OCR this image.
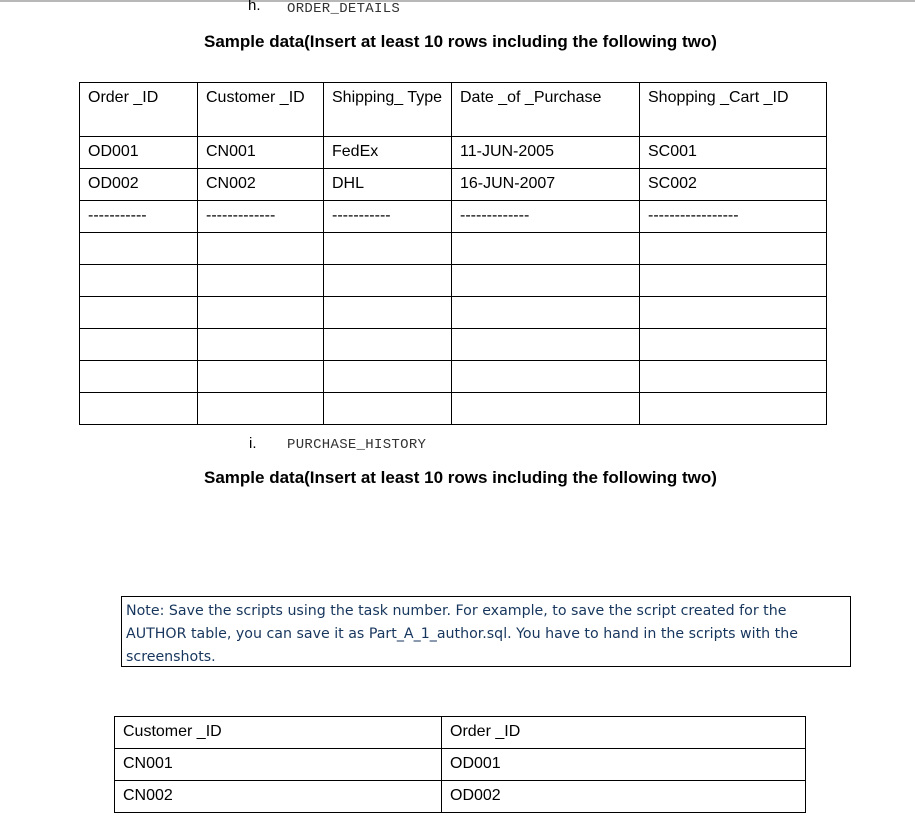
h. ORDER_DETAILS
Sample data(Insert at least 10 rows including the following two)
Order _ID	Customer _ID	Shipping_ Type	Date _of _Purchase	Shopping _Cart _ID
OD001	CN001	FedEx	11-JUN-2005	SC001
OD002	CN002	DHL	16-JUN-2007	SC002
-----------	-------------	-----------	-------------	-----------------

i. PURCHASE_HISTORY
Sample data(Insert at least 10 rows including the following two)
Note: Save the scripts using the task number. For example, to save the script created for the AUTHOR table, you can save it as Part_A_1_author.sql. You have to hand in the scripts with the screenshots.
Customer _ID	Order _ID
CN001	OD001
CN002	OD002
